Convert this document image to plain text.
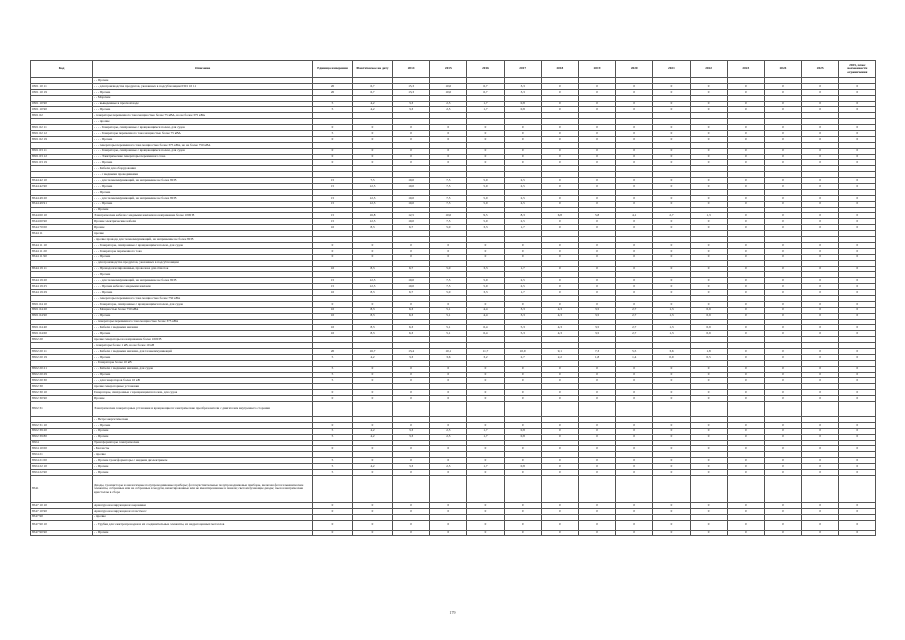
Код	Описание	Единица измерения	Фактическое на дату	2014	2015	2016	2017	2018	2019	2020	2021	2022	2023	2024	2025	2025, плюс возможности ограничения
	- - Прочие															
0301 10 11	- - - для производства продуктов, указанных в подсубпозиции 0301 10 11	20	6,7	15,3	10,0	6,7	3,3	0	0	0	0	0	0	0	0	0
0301 10 19	- - - Прочие	20	6,7	13,3	10,0	6,7	3,3	0	0	0	0	0	0	0	0	0
	- - Морские															
0301 10 90	- - - выведенные в пресной воде	5	4,2	3,3	2,5	1,7	0,8	0	0	0	0	0	0	0	0	0
0301 10 90	- - - Прочие	5	4,2	3,3	2,5	1,7	0,8	0	0	0	0	0	0	0	0	0
8501 62	- генераторы переменного тока мощностью более 75 кВА, но не более 375 кВА															
	- - - прочие															
8501 62 11	- - - - Генераторы, синхронные с вращающимся полем, для судов	0	0	0	0	0	0	0	0	0	0	0	0	0	0	0
8501 62 12	- - - - Генераторы переменного тока мощностью более 75 кВА	5	0	0	0	0	0	0	0	0	0	0	0	0	0	0
8501 62 19	- - - - Прочие	0	0	0	0	0	0	0	0	0	0	0	0	0	0	0
	- - - генераторы переменного тока мощностью более 375 кВА, но не более 750 кВА															
8501 63 11	- - - - Генераторы, синхронные с вращающимся полем, для судов	0	0	0	0	0	0	0	0	0	0	0	0	0	0	0
8501 63 12	- - - - Электрические генераторы переменного тока	0	0	0	0	0	0	0	0	0	0	0	0	0	0	0
8501 63 19	- - - - Прочие	0	0	0	0	0	0	0	0	0	0	0	0	0	0	0
	- - - Кабели для оборудования															
	- - - - с медными проводниками															
8544 42 10	- - - - для телекоммуникаций, на напряжение не более 80 В	15	7,5	10,0	7,5	5,0	2,5	0	0	0	0	0	0	0	0	0
8544 42 90	- - - - Прочие	15	12,5	10,0	7,5	5,0	2,5	0	0	0	0	0	0	0	0	0
	- - - Прочие															
8544 49 20	- - - - для телекоммуникаций, на напряжение не более 80 В	15	12,5	10,0	7,5	5,0	2,5	0	0	0	0	0	0	0	0	0
8544 49 91	- - - - Прочие	15	12,5	10,0	7,5	5,0	2,5	0	0	0	0	0	0	0	0	0
	- - Прочие															
8544 60 10	Электрические кабели с медными жилами на напряжение более 1000 В	15	16,8	12,5	10,0	9,5	8,3	6,8	5,8	4,1	2,7	1,3	0	0	0	0
8544 60 90	Прочие электрические кабели	15	12,5	10,0	7,5	5,0	2,5	0	0	0	0	0	0	0	0	0
8544 70 00	Прочие	10	8,3	6,7	5,0	3,3	1,7	0	0	0	0	0	0	0	0	0
8544 11	прочие															
	- прочие провода для телекоммуникаций, на напряжение не более 80 В															
8544 11 10	- - - Генераторы, синхронные с вращающимся полем, для судов	0	0	0	0	0	0	0	0	0	0	0	0	0	0	0
8544 11 20	- - - Генераторы переменного тока	0	0	0	0	0	0	0	0	0	0	0	0	0	0	0
8544 11 90	- - - Прочие	0	0	0	0	0	0	0	0	0	0	0	0	0	0	0
	- - для производства продуктов, указанных в подсубпозиции															
8544 19 11	- - - Провода изолированные, проволока для обмоток	10	8,3	6,7	5,0	3,3	1,7	0	0	0	0	0	0	0	0	0
	- - - Прочие															
8544 19 20	- - - - для телекоммуникаций, на напряжение не более 80 В	15	12,5	10,0	7,5	5,0	2,5	0	0	0	0	0	0	0	0	0
8544 19 25	- - - - Прочие кабели с медными жилами	15	12,5	10,0	7,5	5,0	2,5	0	0	0	0	0	0	0	0	0
8544 19 29	- - - - Прочие	10	8,3	6,7	5,0	3,3	1,7	0	0	0	0	0	0	0	0	0
	- - - генераторы переменного тока мощностью более 750 кВА															
8501 64 10	- - - Генераторы, синхронные с вращающимся полем, для судов	0	0	0	0	0	0	0	0	0	0	0	0	0	0	0
8501 64 20	- - - Мощностью более 750 кВА	10	8,3	6,3	5,1	4,4	3,3	4,3	3,5	2,7	1,3	0,9	0	0	0	0
8501 64 90	- - - Прочие	10	8,3	6,3	5,1	4,4	3,3	4,3	3,5	2,7	1,3	0,9	0	0	0	0
	- - генераторы переменного тока мощностью более 375 кВА															
8501 64 40	- - - Кабели с медными жилами	10	8,3	6,3	5,1	6,4	5,3	4,3	3,5	2,7	1,3	0,9	0	0	0	0
8501 64 60	- - - Прочие	10	8,3	6,3	5,1	6,4	5,3	4,3	3,5	2,7	1,3	0,9	0	0	0	0
8502 20	прочие генераторы на напряжение более 1000 В															
	- генераторы более 1 кВ, но не более 10 кВ															
8502 20 11	- - - Кабели с медными жилами, для телекоммуникаций	20	16,7	13,4	10,1	11,7	10,9	9,1	7,3	5,5	3,6	1,8	0	0	0	0
8502 20 19	- - - Прочие	5	4,2	3,3	3,6	3,2	2,7	2,2	1,8	1,4	0,9	0,5	0	0	0	0
	- - Генераторы более 10 кВ															
8502 20 21	- - - Кабели с медными жилами, для судов	5	0	0	0	0	0	0	0	0	0	0	0	0	0	0
8502 20 29	- - - Прочие	5	0	0	0	0	0	0	0	0	0	0	0	0	0	0
8502 20 30	- - - для генераторов более 10 кВ	5	0	0	0	0	0	0	0	0	0	0	0	0	0	0
8502 30	прочие генераторные установки															
8502 30 10	Генераторы, синхронные с вращающимся полем, для судов	0	0	0	0	0	0	0	0	0	0	0	0	0	0	0
8502 30 90	Прочие	0	0	0	0	0	0	0	0	0	0	0	0	0	0	0
8502 31	Электрические генераторные установки и вращающиеся электрические преобразователи с двигателем внутреннего сгорания															
	- - Ветроэнергетические															
8502 31 10	- - - Прочие	0	0	0	0	0	0	0	0	0	0	0	0	0	0	0
8502 39 20	- - Прочие	5	4,2	3,3	2,5	1,7	0,8	0	0	0	0	0	0	0	0	0
8502 39 80	- - Прочие	5	4,2	3,3	2,5	1,7	0,8	0	0	0	0	0	0	0	0	0
8504	Трансформаторы электрические															
8504 10 00	- Балласты	0	0	0	0	0	0	0	0	0	0	0	0	0	0	0
8504 21	- прочие															
8504 21 00	- - Прочие трансформаторы с жидким диэлектриком	5	0	0	0	0	0	0	0	0	0	0	0	0	0	0
8504 22 10	- - Прочие	5	4,2	3,3	2,5	1,7	0,8	0	0	0	0	0	0	0	0	0
8504 22 90	- - Прочие	5	0	0	0	0	0	0	0	0	0	0	0	0	0	0
8541	Диоды, транзисторы и аналогичные полупроводниковые приборы; фоточувствительные полупроводниковые приборы, включая фотогальванические элементы, собранные или не собранные в модули, вмонтированные или не вмонтированные в панели; светоизлучающие диоды; пьезоэлектрические кристаллы в сборе															
8547 10 10	Арматура изолирующая из керамики	0	0	0	0	0	0	0	0	0	0	0	0	0	0	0
8547 10 90	Арматура изолирующая из пластмасс	0	0	0	0	0	0	0	0	0	0	0	0	0	0	0
8547 90	- прочие															
8547 90 10	- - Трубки для электропроводки и их соединительные элементы, из недрагоценных металлов	0	0	0	0	0	0	0	0	0	0	0	0	0	0	0
8547 90 90	- - Прочие	0	0	0	0	0	0	0	0	0	0	0	0	0	0	0
179
